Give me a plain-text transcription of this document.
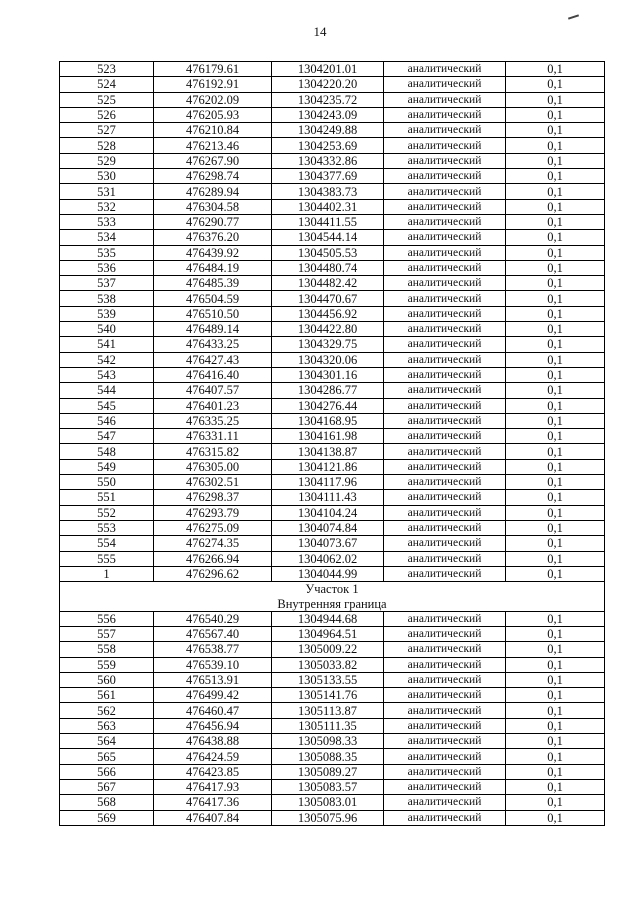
14
523	476179.61	1304201.01	аналитический	0,1
524	476192.91	1304220.20	аналитический	0,1
525	476202.09	1304235.72	аналитический	0,1
526	476205.93	1304243.09	аналитический	0,1
527	476210.84	1304249.88	аналитический	0,1
528	476213.46	1304253.69	аналитический	0,1
529	476267.90	1304332.86	аналитический	0,1
530	476298.74	1304377.69	аналитический	0,1
531	476289.94	1304383.73	аналитический	0,1
532	476304.58	1304402.31	аналитический	0,1
533	476290.77	1304411.55	аналитический	0,1
534	476376.20	1304544.14	аналитический	0,1
535	476439.92	1304505.53	аналитический	0,1
536	476484.19	1304480.74	аналитический	0,1
537	476485.39	1304482.42	аналитический	0,1
538	476504.59	1304470.67	аналитический	0,1
539	476510.50	1304456.92	аналитический	0,1
540	476489.14	1304422.80	аналитический	0,1
541	476433.25	1304329.75	аналитический	0,1
542	476427.43	1304320.06	аналитический	0,1
543	476416.40	1304301.16	аналитический	0,1
544	476407.57	1304286.77	аналитический	0,1
545	476401.23	1304276.44	аналитический	0,1
546	476335.25	1304168.95	аналитический	0,1
547	476331.11	1304161.98	аналитический	0,1
548	476315.82	1304138.87	аналитический	0,1
549	476305.00	1304121.86	аналитический	0,1
550	476302.51	1304117.96	аналитический	0,1
551	476298.37	1304111.43	аналитический	0,1
552	476293.79	1304104.24	аналитический	0,1
553	476275.09	1304074.84	аналитический	0,1
554	476274.35	1304073.67	аналитический	0,1
555	476266.94	1304062.02	аналитический	0,1
1	476296.62	1304044.99	аналитический	0,1
Участок 1				
Внутренняя граница				
556	476540.29	1304944.68	аналитический	0,1
557	476567.40	1304964.51	аналитический	0,1
558	476538.77	1305009.22	аналитический	0,1
559	476539.10	1305033.82	аналитический	0,1
560	476513.91	1305133.55	аналитический	0,1
561	476499.42	1305141.76	аналитический	0,1
562	476460.47	1305113.87	аналитический	0,1
563	476456.94	1305111.35	аналитический	0,1
564	476438.88	1305098.33	аналитический	0,1
565	476424.59	1305088.35	аналитический	0,1
566	476423.85	1305089.27	аналитический	0,1
567	476417.93	1305083.57	аналитический	0,1
568	476417.36	1305083.01	аналитический	0,1
569	476407.84	1305075.96	аналитический	0,1
